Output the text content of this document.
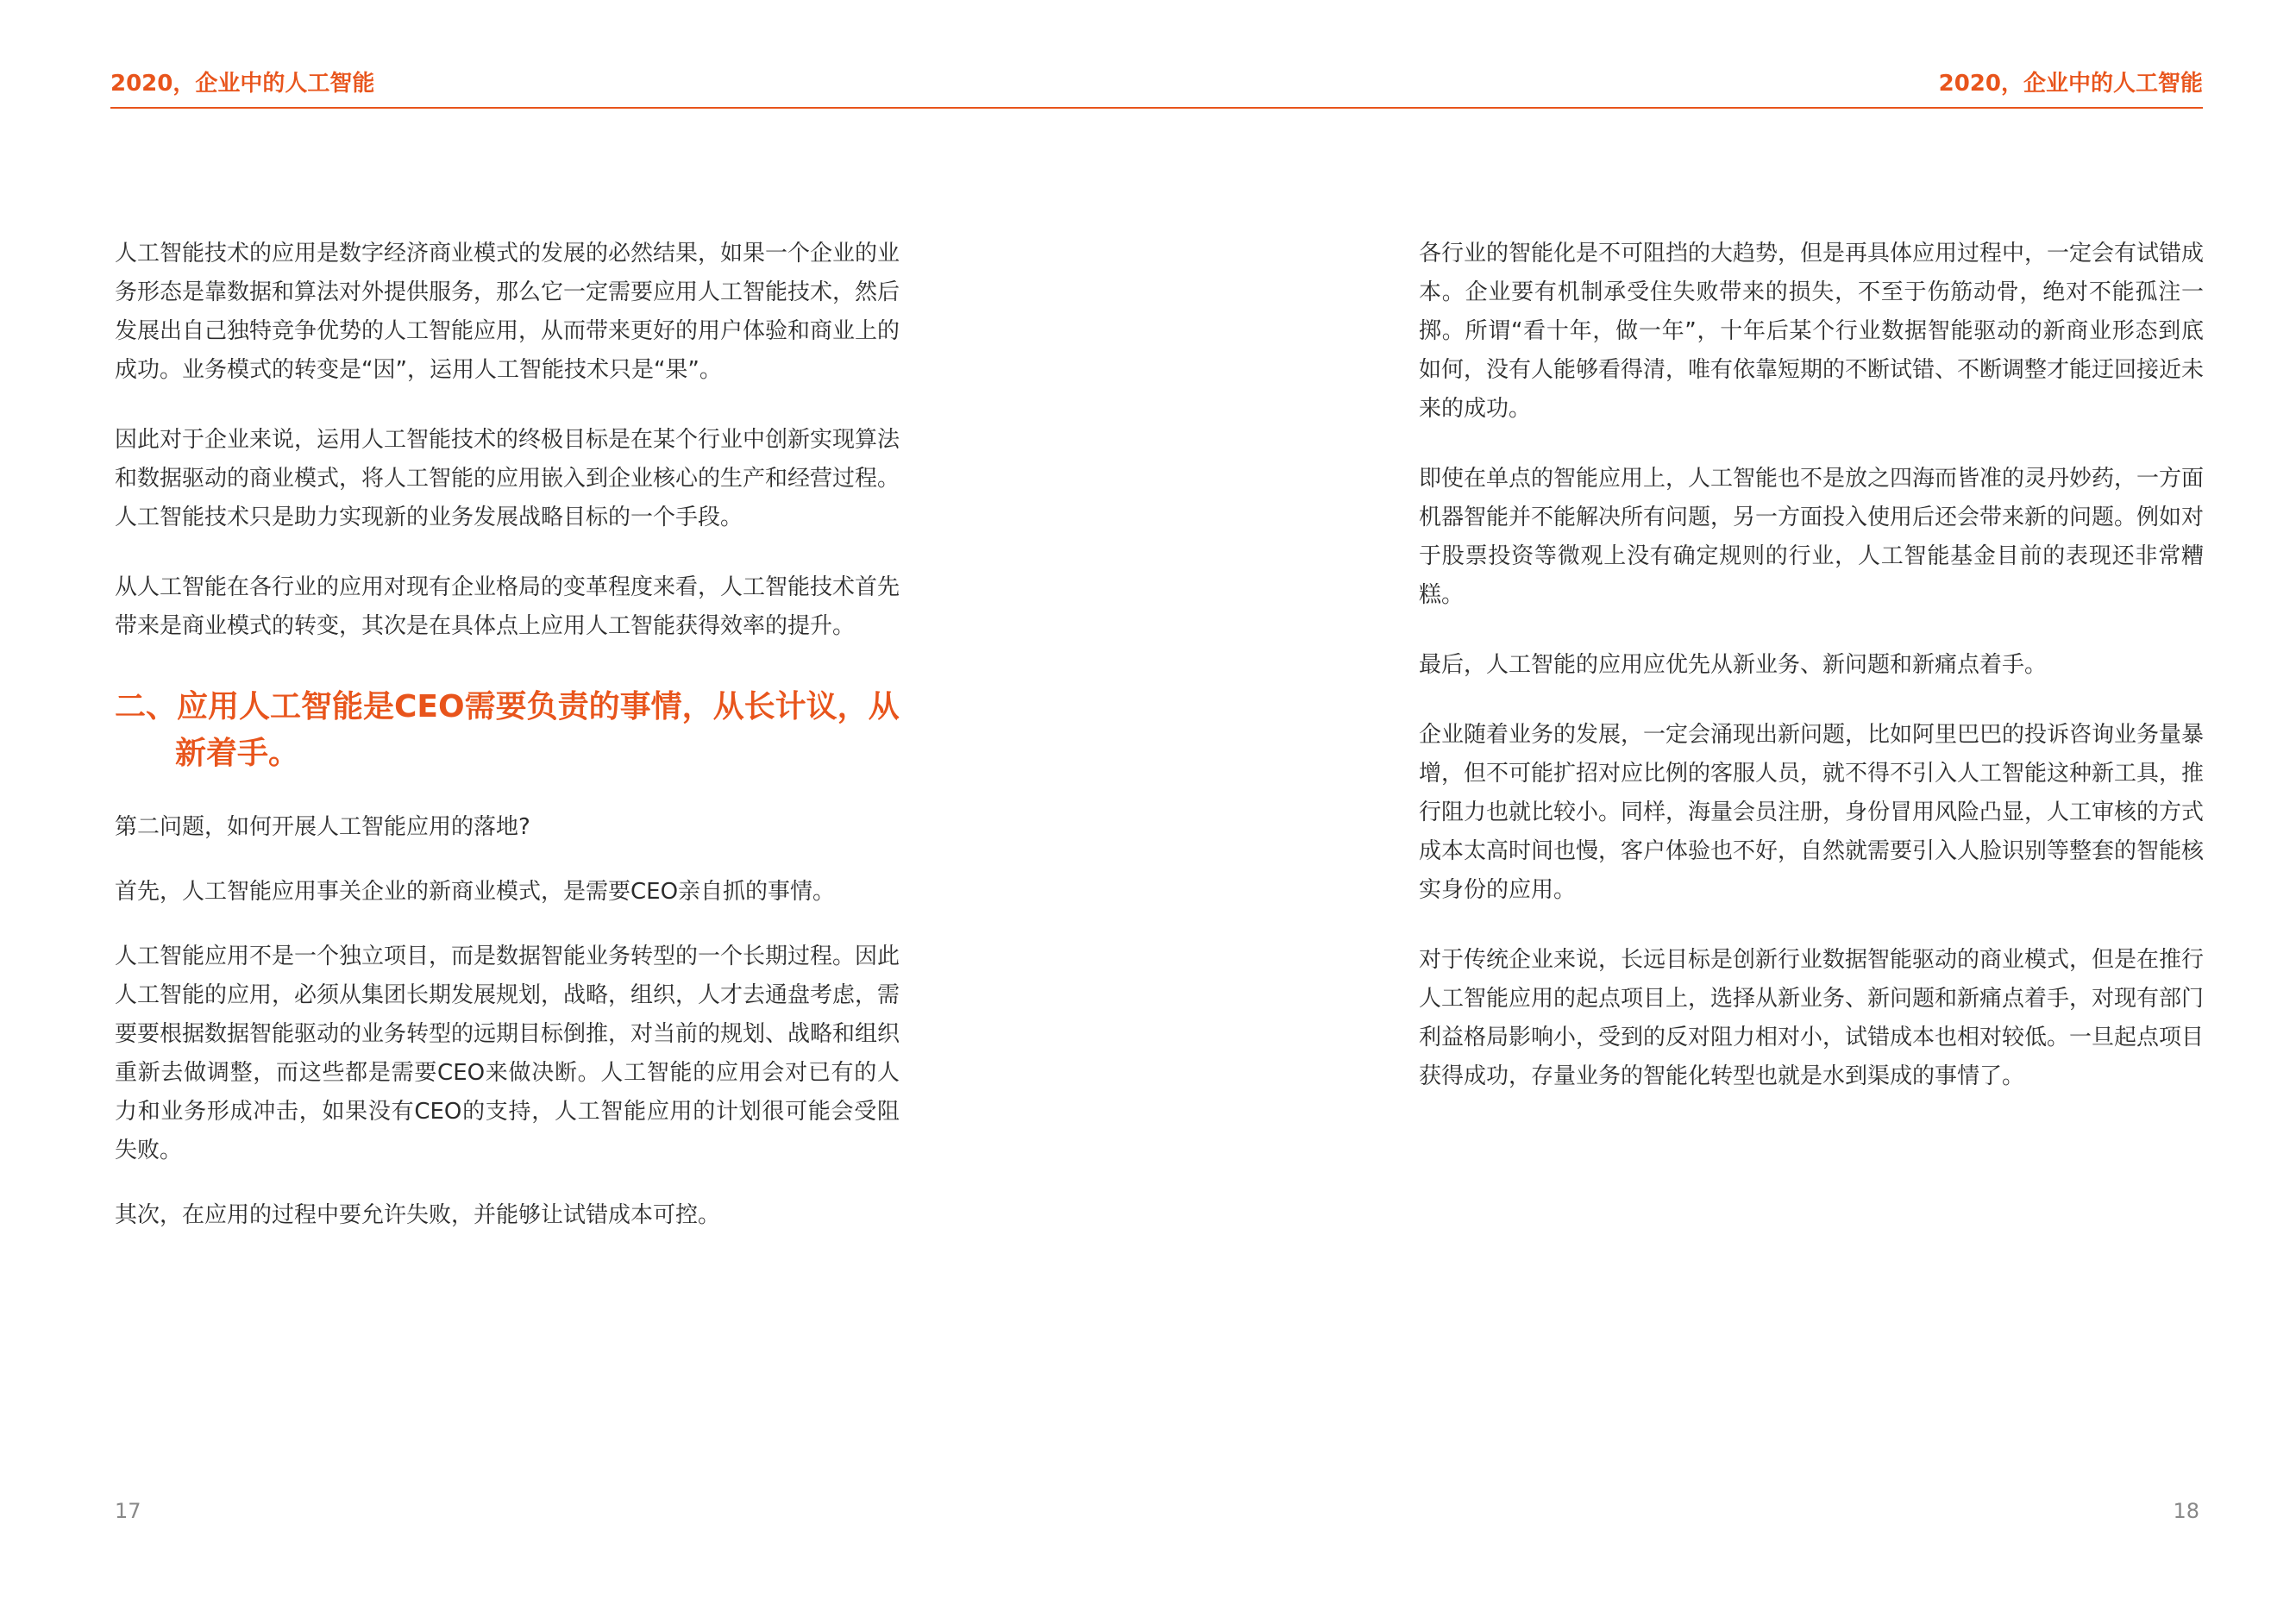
2020，企业中的人工智能	2020，企业中的人工智能

人工智能技术的应用是数字经济商业模式的发展的必然结果，如果一个企业的业务形态是靠数据和算法对外提供服务，那么它一定需要应用人工智能技术，然后发展出自己独特竞争优势的人工智能应用，从而带来更好的用户体验和商业上的成功。业务模式的转变是“因”，运用人工智能技术只是“果”。

因此对于企业来说，运用人工智能技术的终极目标是在某个行业中创新实现算法和数据驱动的商业模式，将人工智能的应用嵌入到企业核心的生产和经营过程。人工智能技术只是助力实现新的业务发展战略目标的一个手段。

从人工智能在各行业的应用对现有企业格局的变革程度来看，人工智能技术首先带来是商业模式的转变，其次是在具体点上应用人工智能获得效率的提升。

二、应用人工智能是CEO需要负责的事情，从长计议，从新着手。

第二问题，如何开展人工智能应用的落地?

首先，人工智能应用事关企业的新商业模式，是需要CEO亲自抓的事情。

人工智能应用不是一个独立项目，而是数据智能业务转型的一个长期过程。因此人工智能的应用，必须从集团长期发展规划，战略，组织，人才去通盘考虑，需要要根据数据智能驱动的业务转型的远期目标倒推，对当前的规划、战略和组织重新去做调整，而这些都是需要CEO来做决断。人工智能的应用会对已有的人力和业务形成冲击，如果没有CEO的支持，人工智能应用的计划很可能会受阻失败。

其次，在应用的过程中要允许失败，并能够让试错成本可控。

各行业的智能化是不可阻挡的大趋势，但是再具体应用过程中，一定会有试错成本。企业要有机制承受住失败带来的损失，不至于伤筋动骨，绝对不能孤注一掷。所谓“看十年，做一年”，十年后某个行业数据智能驱动的新商业形态到底如何，没有人能够看得清，唯有依靠短期的不断试错、不断调整才能迂回接近未来的成功。

即使在单点的智能应用上，人工智能也不是放之四海而皆准的灵丹妙药，一方面机器智能并不能解决所有问题，另一方面投入使用后还会带来新的问题。例如对于股票投资等微观上没有确定规则的行业，人工智能基金目前的表现还非常糟糕。

最后，人工智能的应用应优先从新业务、新问题和新痛点着手。

企业随着业务的发展，一定会涌现出新问题，比如阿里巴巴的投诉咨询业务量暴增，但不可能扩招对应比例的客服人员，就不得不引入人工智能这种新工具，推行阻力也就比较小。同样，海量会员注册，身份冒用风险凸显，人工审核的方式成本太高时间也慢，客户体验也不好，自然就需要引入人脸识别等整套的智能核实身份的应用。

对于传统企业来说，长远目标是创新行业数据智能驱动的商业模式，但是在推行人工智能应用的起点项目上，选择从新业务、新问题和新痛点着手，对现有部门利益格局影响小，受到的反对阻力相对小，试错成本也相对较低。一旦起点项目获得成功，存量业务的智能化转型也就是水到渠成的事情了。

17	18
